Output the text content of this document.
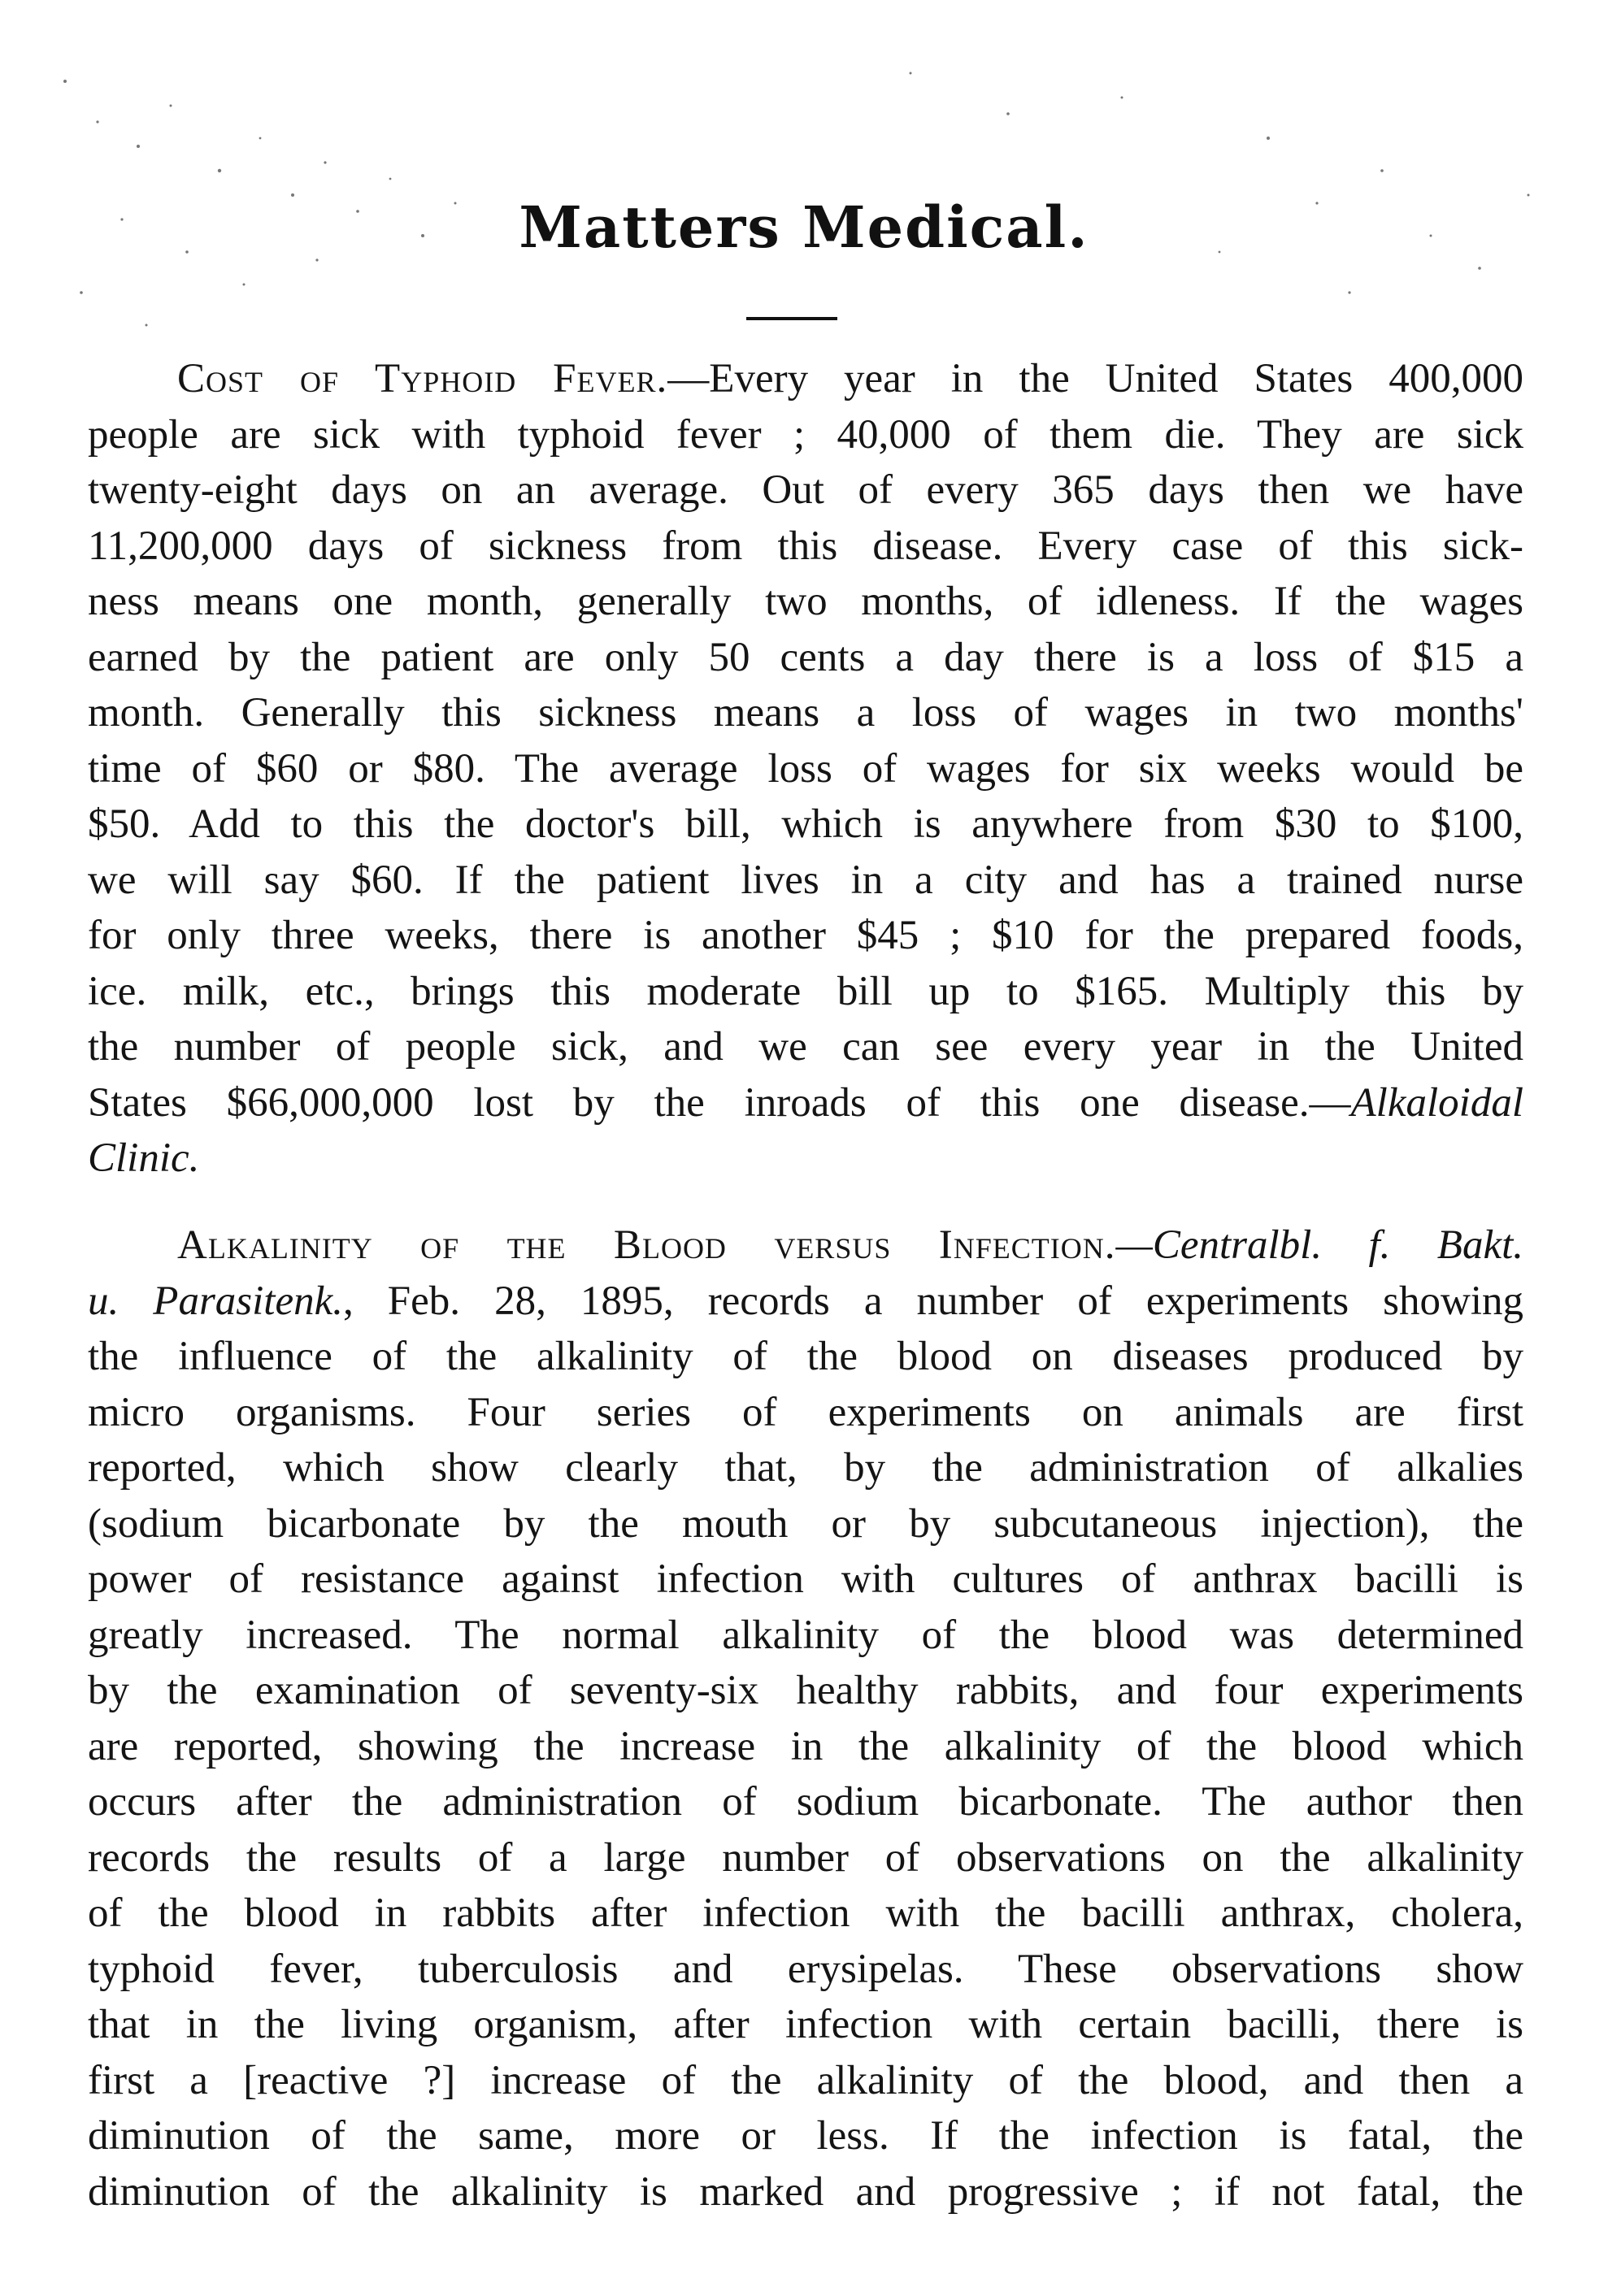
Matters Medical.
Cost of Typhoid Fever.—Every year in the United States 400,000
people are sick with typhoid fever ; 40,000 of them die. They are sick
twenty-eight days on an average. Out of every 365 days then we have
11,200,000 days of sickness from this disease. Every case of this sick-
ness means one month, generally two months, of idleness. If the wages
earned by the patient are only 50 cents a day there is a loss of $15 a
month. Generally this sickness means a loss of wages in two months'
time of $60 or $80. The average loss of wages for six weeks would be
$50. Add to this the doctor's bill, which is anywhere from $30 to $100,
we will say $60. If the patient lives in a city and has a trained nurse
for only three weeks, there is another $45 ; $10 for the prepared foods,
ice. milk, etc., brings this moderate bill up to $165. Multiply this by
the number of people sick, and we can see every year in the United
States $66,000,000 lost by the inroads of this one disease.—Alkaloidal
Clinic.
Alkalinity of the Blood versus Infection.—Centralbl. f. Bakt.
u. Parasitenk., Feb. 28, 1895, records a number of experiments showing
the influence of the alkalinity of the blood on diseases produced by
micro organisms. Four series of experiments on animals are first
reported, which show clearly that, by the administration of alkalies
(sodium bicarbonate by the mouth or by subcutaneous injection), the
power of resistance against infection with cultures of anthrax bacilli is
greatly increased. The normal alkalinity of the blood was determined
by the examination of seventy-six healthy rabbits, and four experiments
are reported, showing the increase in the alkalinity of the blood which
occurs after the administration of sodium bicarbonate. The author then
records the results of a large number of observations on the alkalinity
of the blood in rabbits after infection with the bacilli anthrax, cholera,
typhoid fever, tuberculosis and erysipelas. These observations show
that in the living organism, after infection with certain bacilli, there is
first a [reactive ?] increase of the alkalinity of the blood, and then a
diminution of the same, more or less. If the infection is fatal, the
diminution of the alkalinity is marked and progressive ; if not fatal, the
